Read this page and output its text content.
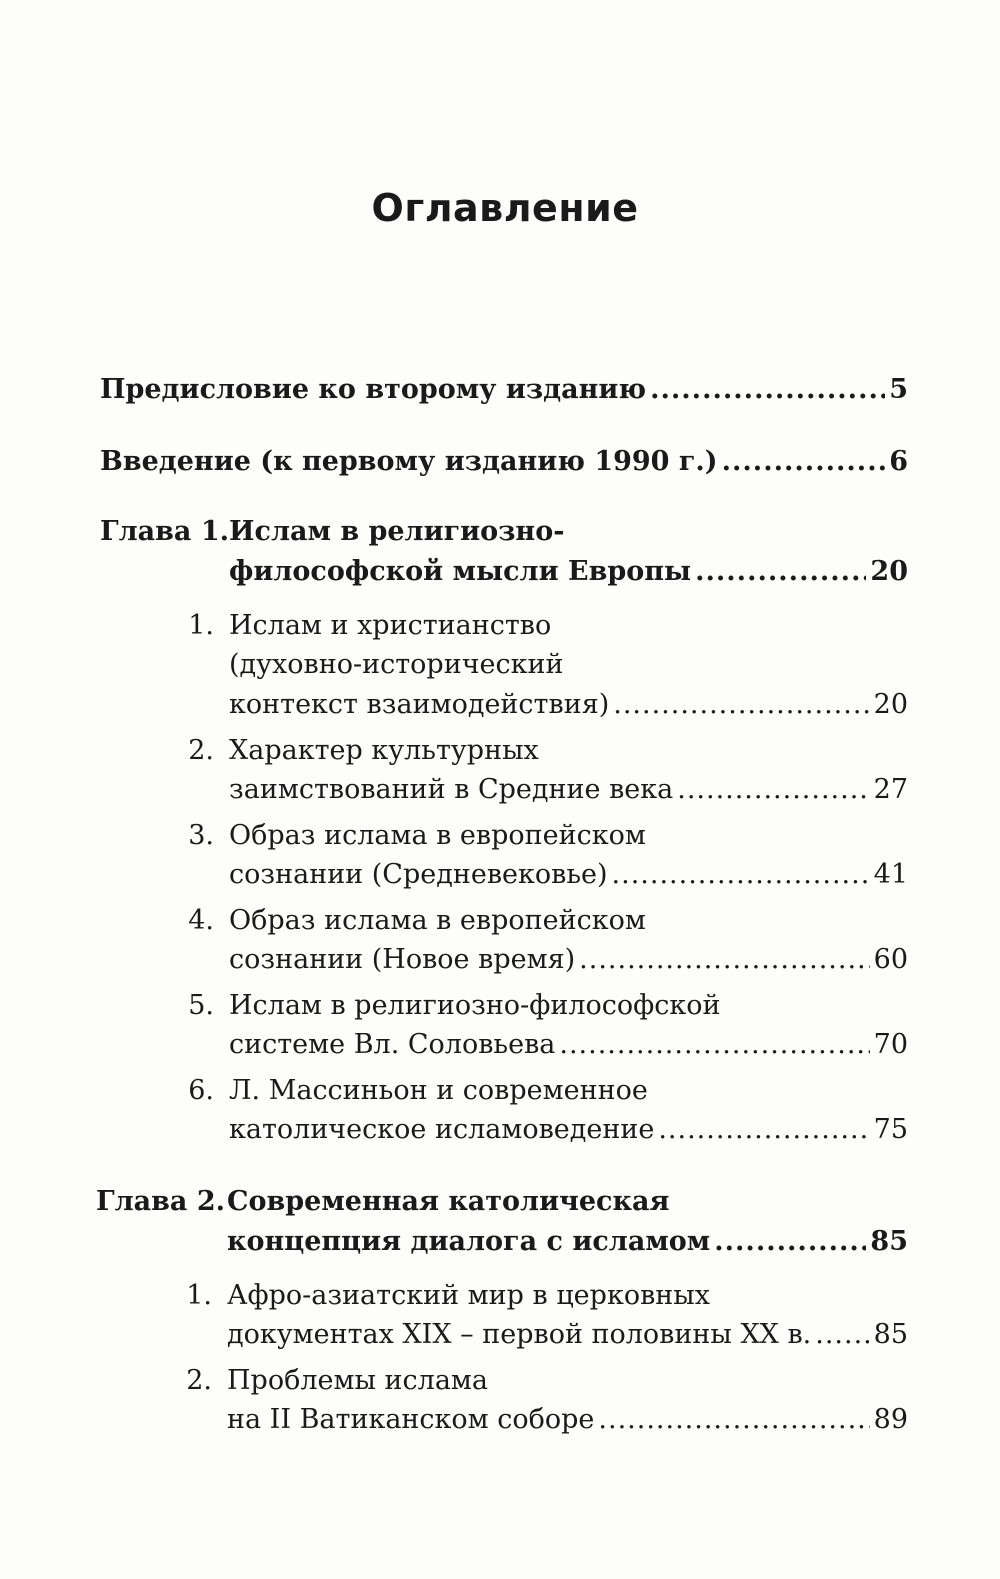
Оглавление
Предисловие ко второму изданию .....	5
Введение (к первому изданию 1990 г.) .....	6
Глава 1. Ислам в религиозно-
философской мысли Европы .....	20
1. Ислам и христианство
(духовно-исторический
контекст взаимодействия) .....	20
2. Характер культурных
заимствований в Средние века .....	27
3. Образ ислама в европейском
сознании (Средневековье) .....	41
4. Образ ислама в европейском
сознании (Новое время) .....	60
5. Ислам в религиозно-философской
системе Вл. Соловьева .....	70
6. Л. Массиньон и современное
католическое исламоведение .....	75
Глава 2. Современная католическая
концепция диалога с исламом .....	85
1. Афро-азиатский мир в церковных
документах XIX – первой половины XX в. ..... 85
2. Проблемы ислама
на II Ватиканском соборе .....	89
